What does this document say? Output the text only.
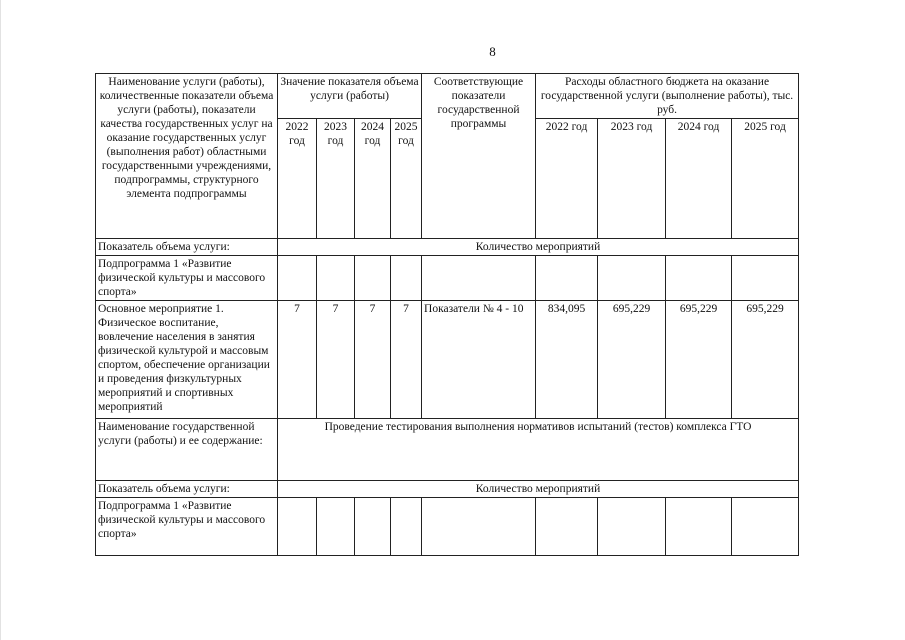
8
Наименование услуги (работы), количественные показатели объема услуги (работы), показатели качества государственных услуг на оказание государственных услуг (выполнения работ) областными государственными учреждениями, подпрограммы, структурного элемента подпрограммы	Значение показателя объема услуги (работы)				Соответствующие показатели государственной программы	Расходы областного бюджета на оказание государственной услуги (выполнение работы), тыс. руб.			
	2022 год	2023 год	2024 год	2025 год		2022 год	2023 год	2024 год	2025 год
Показатель объема услуги:	Количество мероприятий								
Подпрограмма 1 «Развитие физической культуры и массового спорта»									
Основное мероприятие 1. Физическое воспитание, вовлечение населения в занятия физической культурой и массовым спортом, обеспечение организации и проведения физкультурных мероприятий и спортивных мероприятий	7	7	7	7	Показатели № 4 - 10	834,095	695,229	695,229	695,229
Наименование государственной услуги (работы) и ее содержание:	Проведение тестирования выполнения нормативов испытаний (тестов) комплекса ГТО								
Показатель объема услуги:	Количество мероприятий								
Подпрограмма 1 «Развитие физической культуры и массового спорта»									
